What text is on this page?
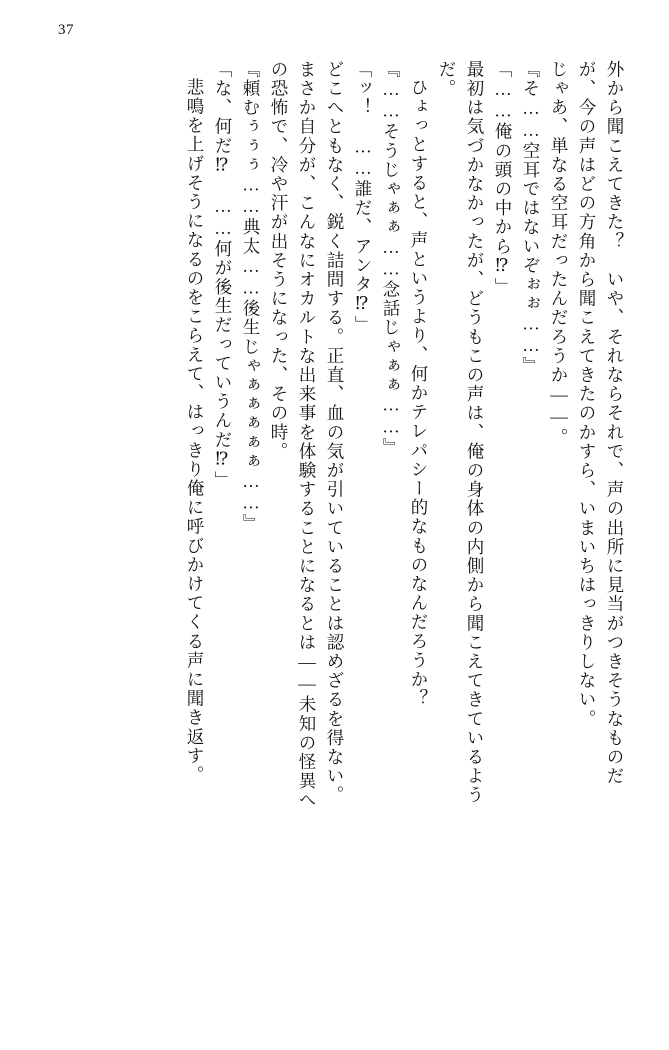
37
外から聞こえてきた？　いや、それならそれで、声の出所に見当がつきそうなものだ
が、今の声はどの方角から聞こえてきたのかすら、いまいちはっきりしない。
じゃあ、単なる空耳だったんだろうか——。
『そ……空耳ではないぞぉぉ……』
「……俺の頭の中から⁉」
最初は気づかなかったが、どうもこの声は、俺の身体の内側から聞こえてきているよう
だ。
ひょっとすると、声というより、何かテレパシー的なものなんだろうか？
『……そうじゃぁぁ……念話じゃぁぁ……』
「ッ！　……誰だ、アンタ⁉」
どこへともなく、鋭く詰問する。正直、血の気が引いていることは認めざるを得ない。
まさか自分が、こんなにオカルトな出来事を体験することになるとは——未知の怪異へ
の恐怖で、冷や汗が出そうになった、その時。
『頼むぅぅぅ……典太……後生じゃぁぁぁぁぁ……』
「な、何だ⁉　……何が後生だっていうんだ⁉」
悲鳴を上げそうになるのをこらえて、はっきり俺に呼びかけてくる声に聞き返す。
